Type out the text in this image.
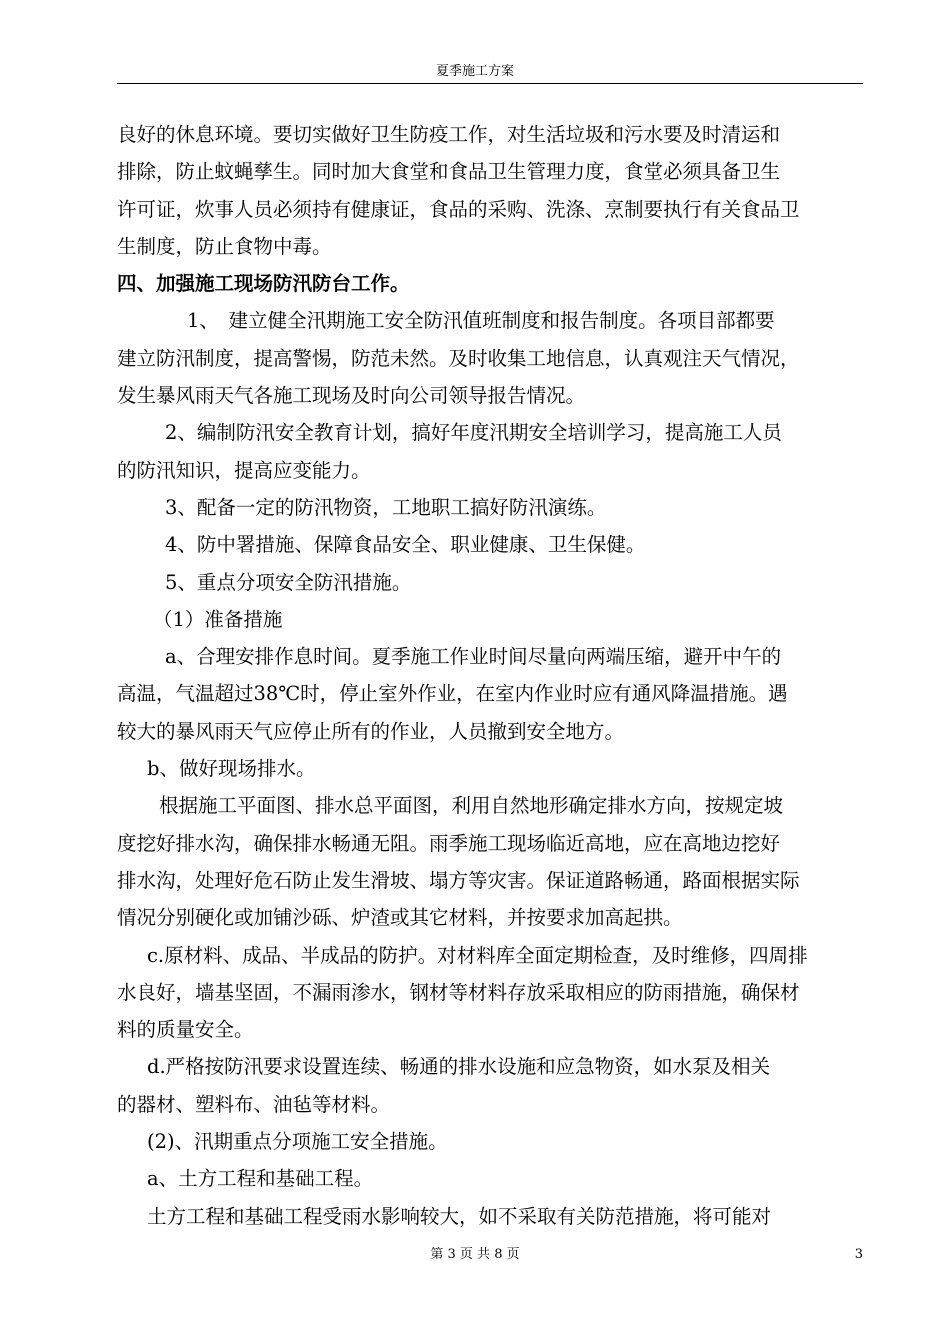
夏季施工方案

良好的休息环境。要切实做好卫生防疫工作，对生活垃圾和污水要及时清运和

排除，防止蚊蝇孳生。同时加大食堂和食品卫生管理力度，食堂必须具备卫生

许可证，炊事人员必须持有健康证，食品的采购、洗涤、烹制要执行有关食品卫

生制度，防止食物中毒。

四、加强施工现场防汛防台工作。

1、　建立健全汛期施工安全防汛值班制度和报告制度。各项目部都要

建立防汛制度，提高警惕，防范未然。及时收集工地信息，认真观注天气情况，

发生暴风雨天气各施工现场及时向公司领导报告情况。

2、编制防汛安全教育计划，搞好年度汛期安全培训学习，提高施工人员

的防汛知识，提高应变能力。

3、配备一定的防汛物资，工地职工搞好防汛演练。

4、防中署措施、保障食品安全、职业健康、卫生保健。

5、重点分项安全防汛措施。

（1）准备措施

a、合理安排作息时间。夏季施工作业时间尽量向两端压缩，避开中午的

高温，气温超过38℃时，停止室外作业，在室内作业时应有通风降温措施。遇

较大的暴风雨天气应停止所有的作业，人员撤到安全地方。

b、做好现场排水。

根据施工平面图、排水总平面图，利用自然地形确定排水方向，按规定坡

度挖好排水沟，确保排水畅通无阻。雨季施工现场临近高地，应在高地边挖好

排水沟，处理好危石防止发生滑坡、塌方等灾害。保证道路畅通，路面根据实际

情况分别硬化或加铺沙砾、炉渣或其它材料，并按要求加高起拱。

c.原材料、成品、半成品的防护。对材料库全面定期检查，及时维修，四周排

水良好，墙基坚固，不漏雨渗水，钢材等材料存放采取相应的防雨措施，确保材

料的质量安全。

d.严格按防汛要求设置连续、畅通的排水设施和应急物资，如水泵及相关

的器材、塑料布、油毡等材料。

(2)、汛期重点分项施工安全措施。

a、土方工程和基础工程。

土方工程和基础工程受雨水影响较大，如不采取有关防范措施，将可能对

第 3 页 共 8 页	3
